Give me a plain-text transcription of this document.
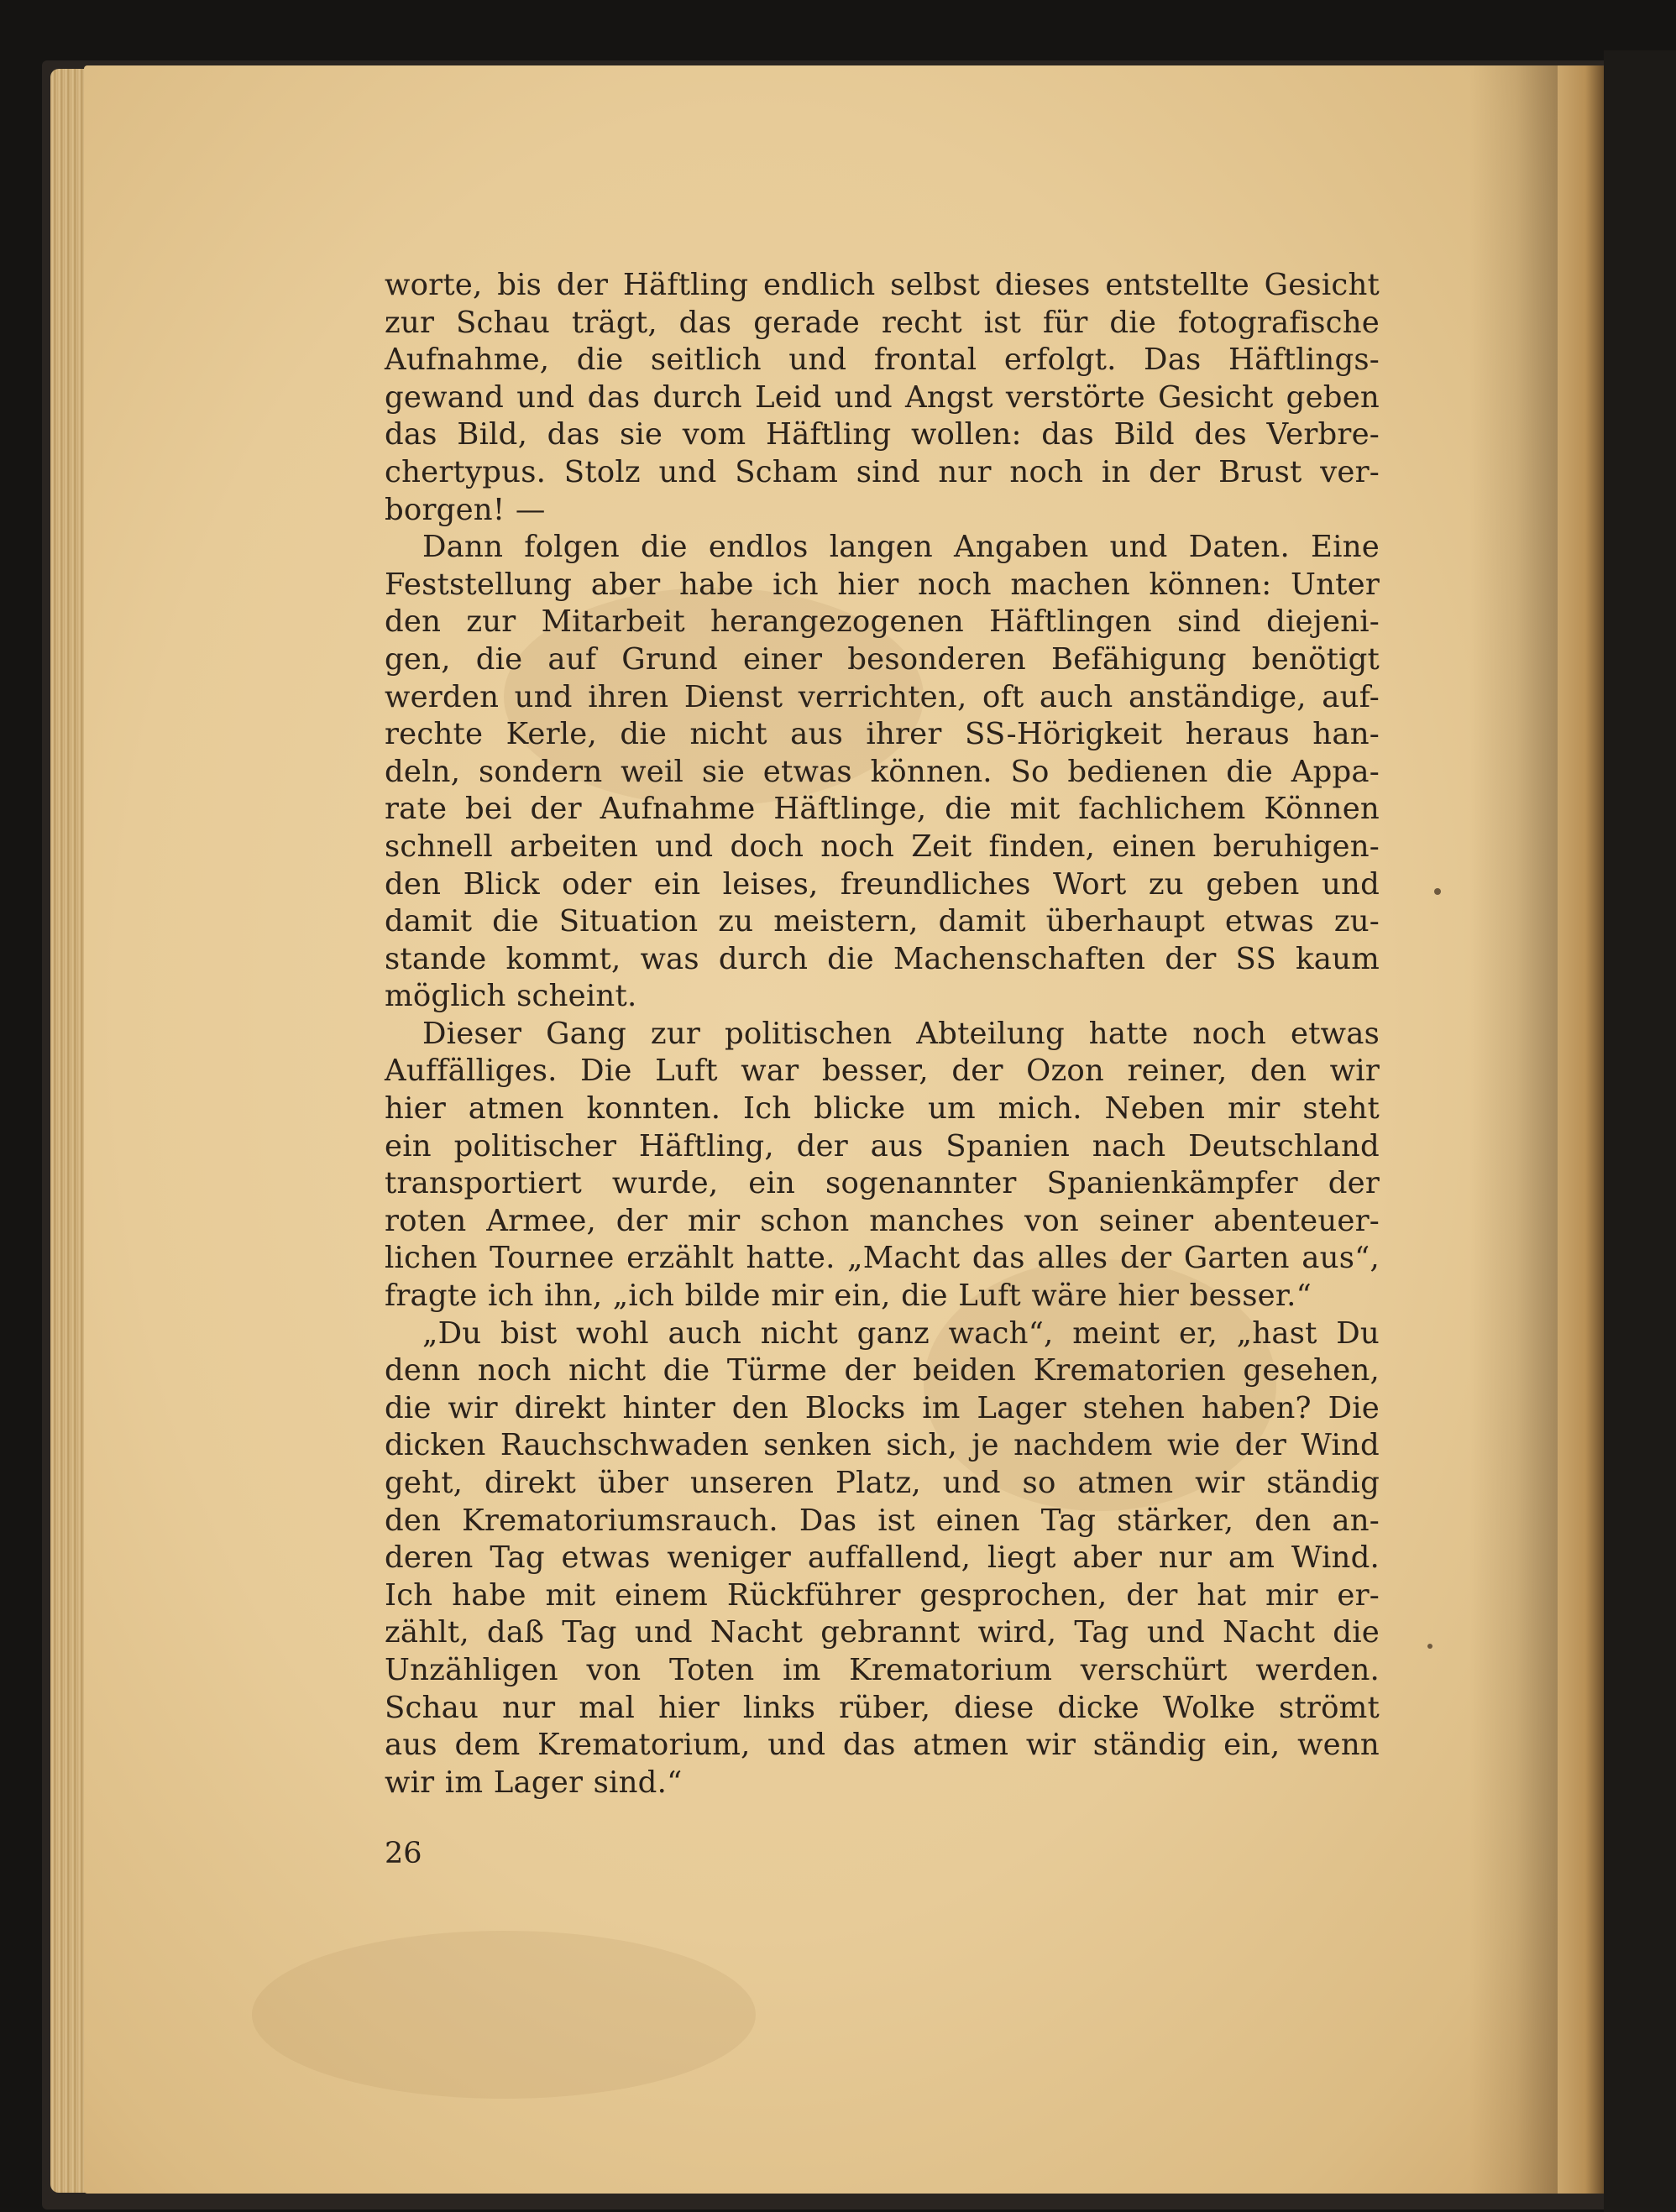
worte, bis der Häftling endlich selbst dieses entstellte Gesicht
zur Schau trägt, das gerade recht ist für die fotografische
Aufnahme, die seitlich und frontal erfolgt. Das Häftlings-
gewand und das durch Leid und Angst verstörte Gesicht geben
das Bild, das sie vom Häftling wollen: das Bild des Verbre-
chertypus. Stolz und Scham sind nur noch in der Brust ver-
borgen! —
Dann folgen die endlos langen Angaben und Daten. Eine
Feststellung aber habe ich hier noch machen können: Unter
den zur Mitarbeit herangezogenen Häftlingen sind diejeni-
gen, die auf Grund einer besonderen Befähigung benötigt
werden und ihren Dienst verrichten, oft auch anständige, auf-
rechte Kerle, die nicht aus ihrer SS-Hörigkeit heraus han-
deln, sondern weil sie etwas können. So bedienen die Appa-
rate bei der Aufnahme Häftlinge, die mit fachlichem Können
schnell arbeiten und doch noch Zeit finden, einen beruhigen-
den Blick oder ein leises, freundliches Wort zu geben und
damit die Situation zu meistern, damit überhaupt etwas zu-
stande kommt, was durch die Machenschaften der SS kaum
möglich scheint.
Dieser Gang zur politischen Abteilung hatte noch etwas
Auffälliges. Die Luft war besser, der Ozon reiner, den wir
hier atmen konnten. Ich blicke um mich. Neben mir steht
ein politischer Häftling, der aus Spanien nach Deutschland
transportiert wurde, ein sogenannter Spanienkämpfer der
roten Armee, der mir schon manches von seiner abenteuer-
lichen Tournee erzählt hatte. „Macht das alles der Garten aus“,
fragte ich ihn, „ich bilde mir ein, die Luft wäre hier besser.“
„Du bist wohl auch nicht ganz wach“, meint er, „hast Du
denn noch nicht die Türme der beiden Krematorien gesehen,
die wir direkt hinter den Blocks im Lager stehen haben? Die
dicken Rauchschwaden senken sich, je nachdem wie der Wind
geht, direkt über unseren Platz, und so atmen wir ständig
den Krematoriumsrauch. Das ist einen Tag stärker, den an-
deren Tag etwas weniger auffallend, liegt aber nur am Wind.
Ich habe mit einem Rückführer gesprochen, der hat mir er-
zählt, daß Tag und Nacht gebrannt wird, Tag und Nacht die
Unzähligen von Toten im Krematorium verschürt werden.
Schau nur mal hier links rüber, diese dicke Wolke strömt
aus dem Krematorium, und das atmen wir ständig ein, wenn
wir im Lager sind.“
26
